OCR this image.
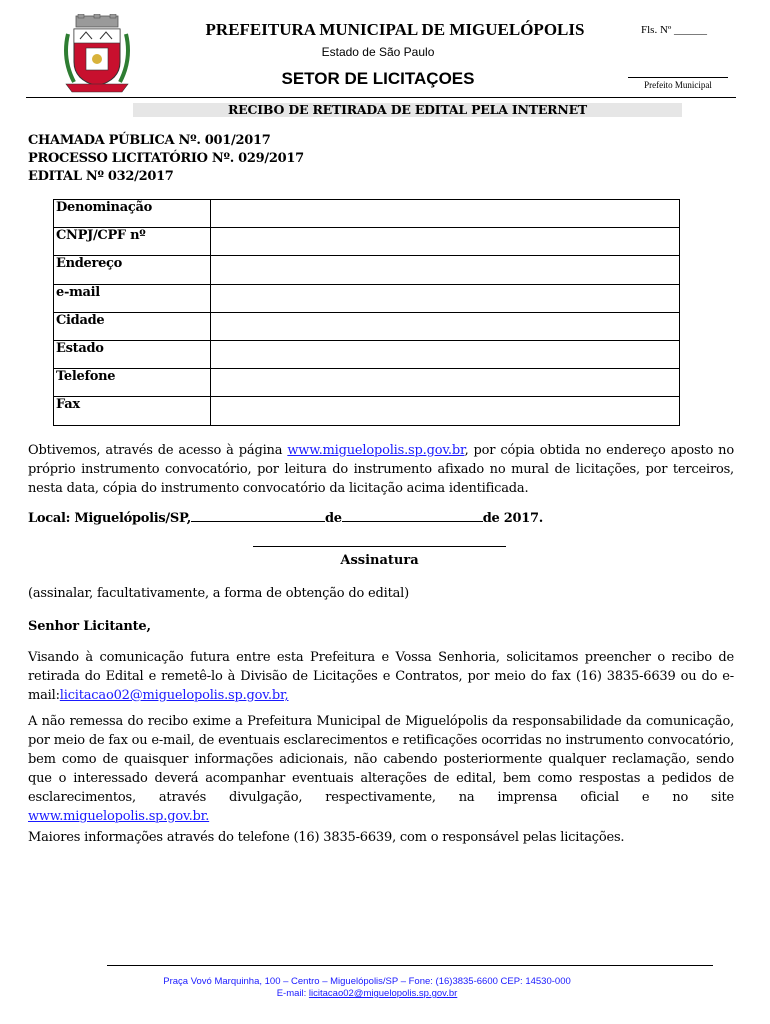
PREFEITURA MUNICIPAL DE MIGUELÓPOLIS
Estado de São Paulo
SETOR DE LICITAÇOES
Fls. Nº ______
Prefeito Municipal
RECIBO DE RETIRADA DE EDITAL PELA INTERNET
CHAMADA PÚBLICA Nº. 001/2017
PROCESSO LICITATÓRIO Nº. 029/2017
EDITAL Nº 032/2017
Denominação	
CNPJ/CPF nº	
Endereço	
e-mail	
Cidade	
Estado	
Telefone	
Fax	
Obtivemos, através de acesso à página www.miguelopolis.sp.gov.br, por cópia obtida no endereço aposto no próprio instrumento convocatório, por leitura do instrumento afixado no mural de licitações, por terceiros, nesta data, cópia do instrumento convocatório da licitação acima identificada.
Local: Miguelópolis/SP,	de	de 2017.
Assinatura
(assinalar, facultativamente, a forma de obtenção do edital)
Senhor Licitante,
Visando à comunicação futura entre esta Prefeitura e Vossa Senhoria, solicitamos preencher o recibo de retirada do Edital e remetê-lo à Divisão de Licitações e Contratos, por meio do fax (16) 3835-6639 ou do e- mail:licitacao02@miguelopolis.sp.gov.br,
A não remessa do recibo exime a Prefeitura Municipal de Miguelópolis da responsabilidade da comunicação, por meio de fax ou e-mail, de eventuais esclarecimentos e retificações ocorridas no instrumento convocatório, bem como de quaisquer informações adicionais, não cabendo posteriormente qualquer reclamação, sendo que o interessado deverá acompanhar eventuais alterações de edital, bem como respostas a pedidos de esclarecimentos, através divulgação, respectivamente, na imprensa oficial e no site www.miguelopolis.sp.gov.br.
Maiores informações através do telefone (16) 3835-6639, com o responsável pelas licitações.
Praça Vovó Marquinha, 100 – Centro – Miguelópolis/SP – Fone: (16)3835-6600 CEP: 14530-000
E-mail: licitacao02@miguelopolis.sp.gov.br
